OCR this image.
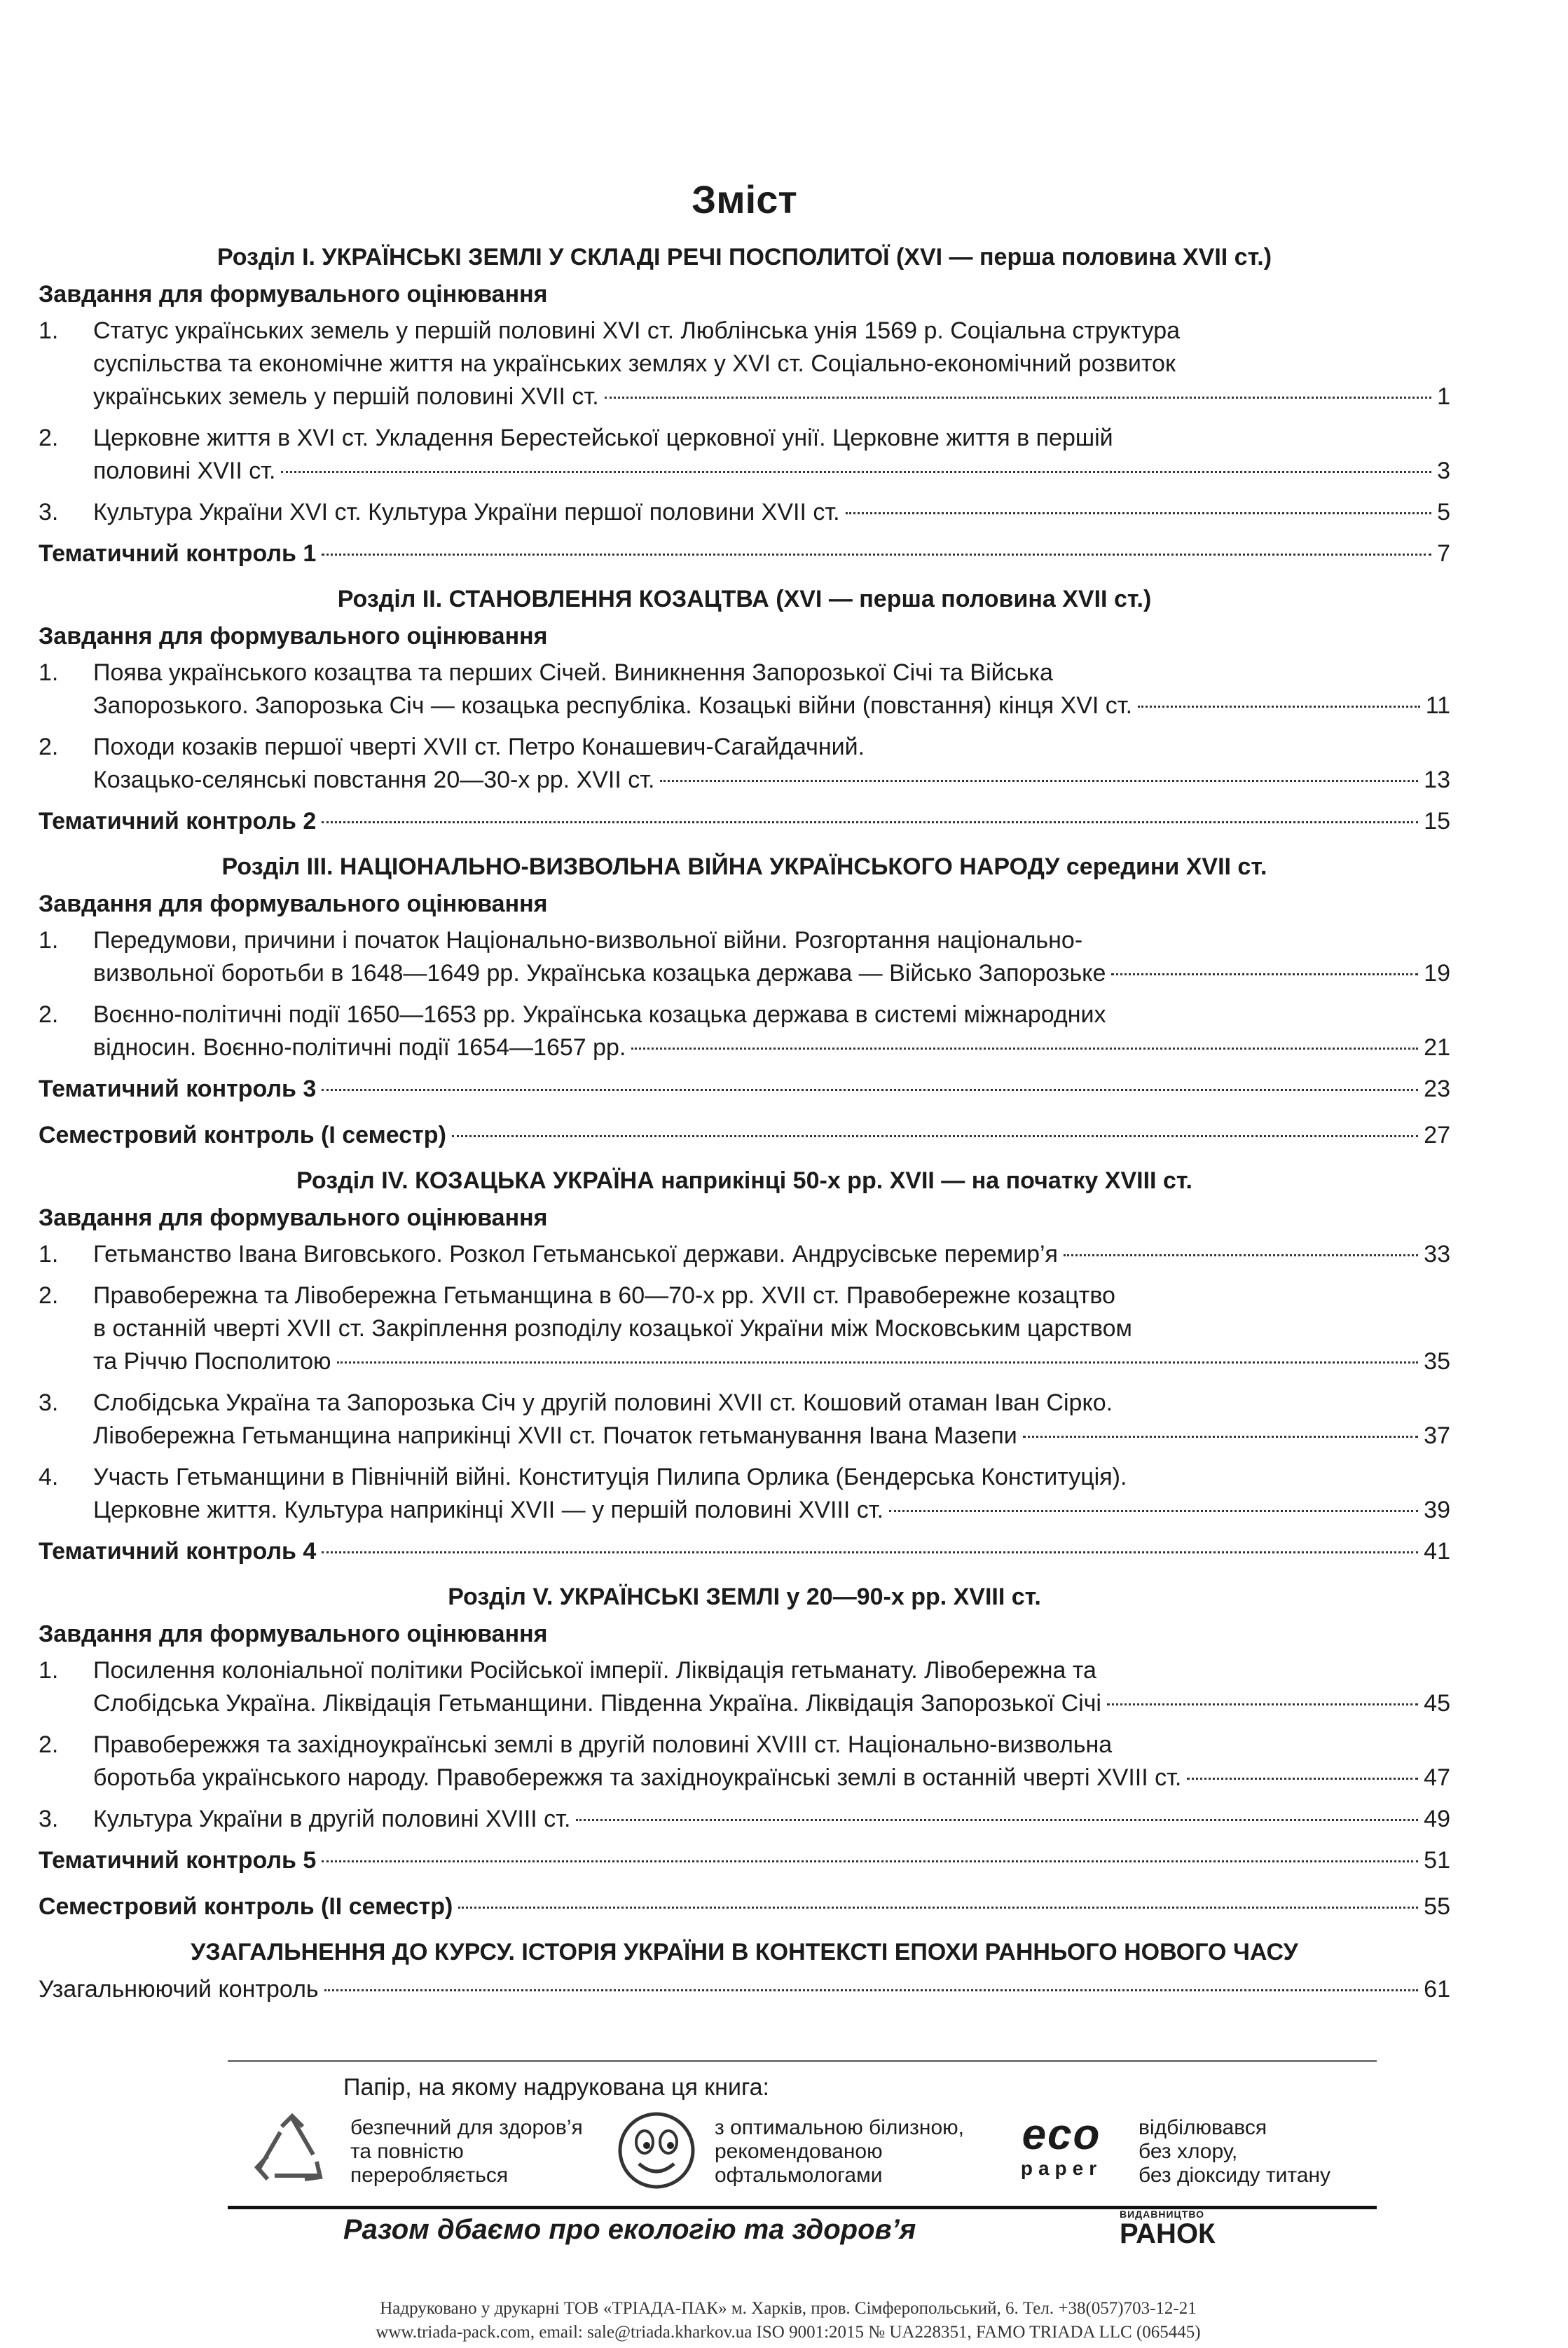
Зміст
Розділ І. УКРАЇНСЬКІ ЗЕМЛІ У СКЛАДІ РЕЧІ ПОСПОЛИТОЇ (XVI — перша половина XVII ст.)
Завдання для формувального оцінювання
1.	Статус українських земель у першій половині XVI ст. Люблінська унія 1569 р. Соціальна структура
суспільства та економічне життя на українських землях у XVI ст. Соціально-економічний розвиток
українських земель у першій половині XVII ст.	1
2.	Церковне життя в XVI ст. Укладення Берестейської церковної унії. Церковне життя в першій
половині XVII ст.	3
3.	Культура України XVI ст. Культура України першої половини XVII ст.	5
Тематичний контроль 1	7
Розділ ІІ. СТАНОВЛЕННЯ КОЗАЦТВА (XVI — перша половина XVII ст.)
Завдання для формувального оцінювання
1.	Поява українського козацтва та перших Січей. Виникнення Запорозької Січі та Війська
Запорозького. Запорозька Січ — козацька республіка. Козацькі війни (повстання) кінця XVI ст.	11
2.	Походи козаків першої чверті XVII ст. Петро Конашевич-Сагайдачний.
Козацько-селянські повстання 20—30-х рр. XVII ст.	13
Тематичний контроль 2	15
Розділ ІІІ. НАЦІОНАЛЬНО-ВИЗВОЛЬНА ВІЙНА УКРАЇНСЬКОГО НАРОДУ середини XVII ст.
Завдання для формувального оцінювання
1.	Передумови, причини і початок Національно-визвольної війни. Розгортання національно-
визвольної боротьби в 1648—1649 рр. Українська козацька держава — Військо Запорозьке	19
2.	Воєнно-політичні події 1650—1653 рр. Українська козацька держава в системі міжнародних
відносин. Воєнно-політичні події 1654—1657 рр.	21
Тематичний контроль 3	23
Семестровий контроль (І семестр)	27
Розділ IV. КОЗАЦЬКА УКРАЇНА наприкінці 50-х рр. XVII — на початку XVIII ст.
Завдання для формувального оцінювання
1.	Гетьманство Івана Виговського. Розкол Гетьманської держави. Андрусівське перемир’я	33
2.	Правобережна та Лівобережна Гетьманщина в 60—70-х рр. XVII ст. Правобережне козацтво
в останній чверті XVII ст. Закріплення розподілу козацької України між Московським царством
та Річчю Посполитою	35
3.	Слобідська Україна та Запорозька Січ у другій половині XVII ст. Кошовий отаман Іван Сірко.
Лівобережна Гетьманщина наприкінці XVII ст. Початок гетьманування Івана Мазепи	37
4.	Участь Гетьманщини в Північній війні. Конституція Пилипа Орлика (Бендерська Конституція).
Церковне життя. Культура наприкінці XVII — у першій половині XVIII ст.	39
Тематичний контроль 4	41
Розділ V. УКРАЇНСЬКІ ЗЕМЛІ у 20—90-х рр. XVIII ст.
Завдання для формувального оцінювання
1.	Посилення колоніальної політики Російської імперії. Ліквідація гетьманату. Лівобережна та
Слобідська Україна. Ліквідація Гетьманщини. Південна Україна. Ліквідація Запорозької Січі	45
2.	Правобережжя та західноукраїнські землі в другій половині XVIII ст. Національно-визвольна
боротьба українського народу. Правобережжя та західноукраїнські землі в останній чверті XVIII ст.	47
3.	Культура України в другій половині XVIII ст.	49
Тематичний контроль 5	51
Семестровий контроль (ІІ семестр)	55
УЗАГАЛЬНЕННЯ ДО КУРСУ. ІСТОРІЯ УКРАЇНИ В КОНТЕКСТІ ЕПОХИ РАННЬОГО НОВОГО ЧАСУ
Узагальнюючий контроль	61
Папір, на якому надрукована ця книга:
безпечний для здоров’я
та повністю
переробляється
з оптимальною білизною,
рекомендованою
офтальмологами
eco
paper
відбілювався
без хлору,
без діоксиду титану
Разом дбаємо про екологію та здоров’я	ВИДАВНИЦТВО
РАНОК
Надруковано у друкарні ТОВ «ТРІАДА-ПАК» м. Харків, пров. Сімферопольський, 6. Тел. +38(057)703-12-21
www.triada-pack.com, email: sale@triada.kharkov.ua ISO 9001:2015 № UA228351, FAMO TRIADA LLC (065445)
